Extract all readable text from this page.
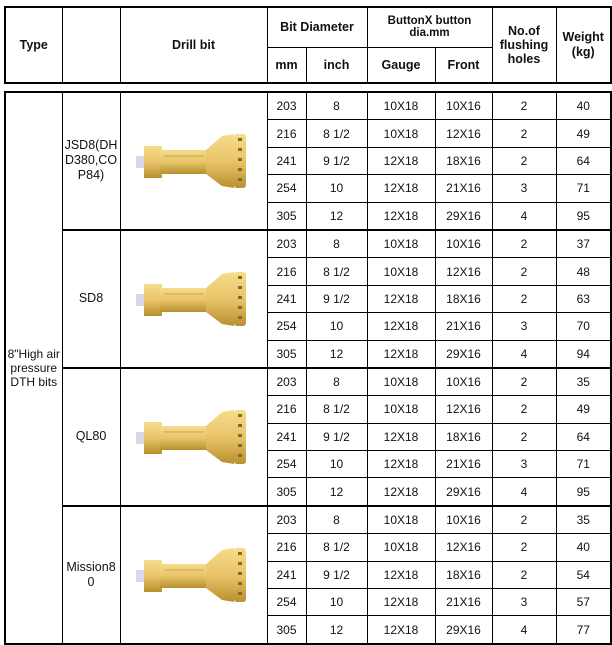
Type		Drill bit	Bit Diameter		ButtonX button dia.mm		No.of flushing holes	Weight (kg)
			mm	inch	Gauge	Front		
8"High air pressure DTH bits	JSD8(DHD380,COP84)		203	8	10X18	10X16	2	40
			216	8 1/2	10X18	12X16	2	49
			241	9 1/2	12X18	18X16	2	64
			254	10	12X18	21X16	3	71
			305	12	12X18	29X16	4	95
	SD8		203	8	10X18	10X16	2	37
			216	8 1/2	10X18	12X16	2	48
			241	9 1/2	12X18	18X16	2	63
			254	10	12X18	21X16	3	70
			305	12	12X18	29X16	4	94
	QL80		203	8	10X18	10X16	2	35
			216	8 1/2	10X18	12X16	2	49
			241	9 1/2	12X18	18X16	2	64
			254	10	12X18	21X16	3	71
			305	12	12X18	29X16	4	95
	Mission80		203	8	10X18	10X16	2	35
			216	8 1/2	10X18	12X16	2	40
			241	9 1/2	12X18	18X16	2	54
			254	10	12X18	21X16	3	57
			305	12	12X18	29X16	4	77
